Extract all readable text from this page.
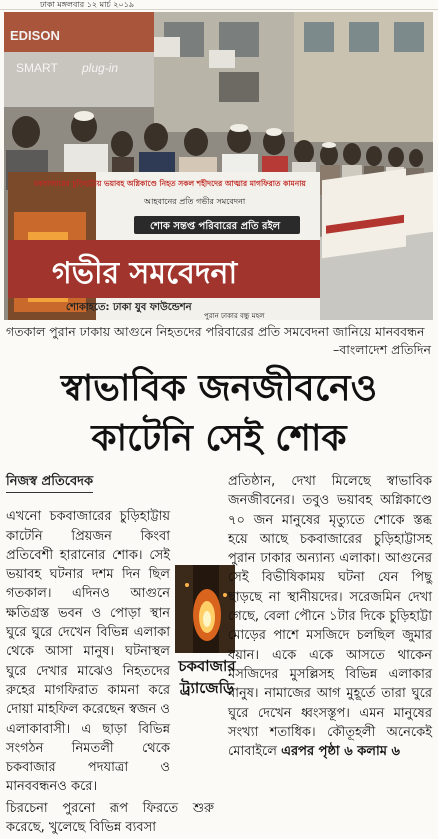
ঢাকা মঙ্গলবার ১২ মার্চ ২০১৯
EDISON
SMART plug-in
চকবাজারের চুড়িহাট্টায় ভয়াবহ অগ্নিকাণ্ডে নিহত সকল শহীদদের আত্মার মাগফিরাত কামনায়
আহবানের প্রতি গভীর সমবেদনা
শোক সন্তপ্ত পরিবারের প্রতি রইল
গভীর সমবেদনা
শোকাহতে: ঢাকা যুব ফাউন্ডেশন
পুরান ঢাকার বন্ধু মহল
গতকাল পুরান ঢাকায় আগুনে নিহতদের পরিবারের প্রতি সমবেদনা জানিয়ে মানববন্ধন
–বাংলাদেশ প্রতিদিন
স্বাভাবিক জনজীবনেও
কাটেনি সেই শোক
নিজস্ব প্রতিবেদক

এখনো চকবাজারের চুড়িহাট্টায় কাটেনি প্রিয়জন কিংবা প্রতিবেশী হারানোর শোক। সেই ভয়াবহ ঘটনার দশম দিন ছিল গতকাল। এদিনও আগুনে ক্ষতিগ্রস্ত ভবন ও পোড়া স্থান ঘুরে ঘুরে দেখেন বিভিন্ন এলাকা থেকে আসা মানুষ। ঘটনাস্থল ঘুরে দেখার মাঝেও নিহতদের রুহের মাগফিরাত কামনা করে দোয়া মাহফিল করেছেন স্বজন ও এলাকাবাসী। এ ছাড়া বিভিন্ন সংগঠন নিমতলী থেকে চকবাজার পদযাত্রা ও মানববন্ধনও করে।

চিরচেনা পুরনো রূপ ফিরতে শুরু করেছে, খুলেছে বিভিন্ন ব্যবসা

চকবাজার
ট্র্যাজেডি

প্রতিষ্ঠান, দেখা মিলেছে স্বাভাবিক জনজীবনের। তবুও ভয়াবহ অগ্নিকাণ্ডে ৭০ জন মানুষের মৃত্যুতে শোকে স্তব্ধ হয়ে আছে চকবাজারের চুড়িহাট্টাসহ পুরান ঢাকার অন্যান্য এলাকা। আগুনের সেই বিভীষিকাময় ঘটনা যেন পিছু ছাড়ছে না স্থানীয়দের। সরেজমিন দেখা গেছে, বেলা পৌনে ১টার দিকে চুড়িহাট্টা মোড়ের পাশে মসজিদে চলছিল জুমার বয়ান। একে একে আসতে থাকেন মসজিদের মুসল্লিসহ বিভিন্ন এলাকার মানুষ। নামাজের আগ মুহূর্তে তারা ঘুরে ঘুরে দেখেন ধ্বংসস্তূপ। এমন মানুষের সংখ্যা শতাধিক। কৌতূহলী অনেকেই মোবাইলে এরপর পৃষ্ঠা ৬ কলাম ৬
